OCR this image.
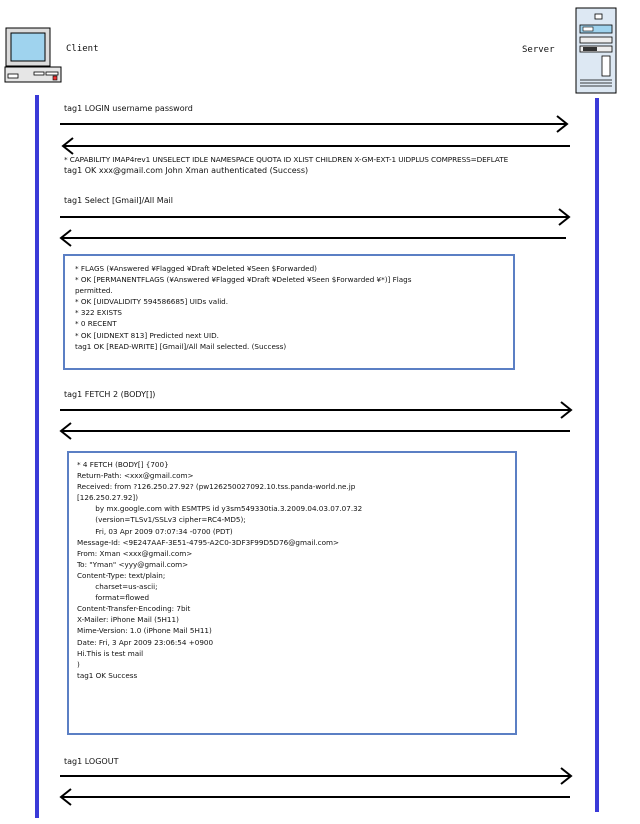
Client	Server
tag1 LOGIN username password
* CAPABILITY IMAP4rev1 UNSELECT IDLE NAMESPACE QUOTA ID XLIST CHILDREN X-GM-EXT-1 UIDPLUS COMPRESS=DEFLATE
tag1 OK xxx@gmail.com John Xman authenticated (Success)
tag1 Select [Gmail]/All Mail
tag1 FETCH 2 (BODY[])
tag1 LOGOUT
* FLAGS (¥Answered ¥Flagged ¥Draft ¥Deleted ¥Seen $Forwarded)
* OK [PERMANENTFLAGS (¥Answered ¥Flagged ¥Draft ¥Deleted ¥Seen $Forwarded ¥*)] Flags
permitted.
* OK [UIDVALIDITY 594586685] UIDs valid.
* 322 EXISTS
* 0 RECENT
* OK [UIDNEXT 813] Predicted next UID.
tag1 OK [READ-WRITE] [Gmail]/All Mail selected. (Success)
* 4 FETCH (BODY[] {700}
Return-Path: <xxx@gmail.com>
Received: from ?126.250.27.92? (pw126250027092.10.tss.panda-world.ne.jp
[126.250.27.92])
by mx.google.com with ESMTPS id y3sm549330tia.3.2009.04.03.07.07.32
(version=TLSv1/SSLv3 cipher=RC4-MD5);
Fri, 03 Apr 2009 07:07:34 -0700 (PDT)
Message-Id: <9E247AAF-3E51-4795-A2C0-3DF3F99D5D76@gmail.com>
From: Xman <xxx@gmail.com>
To: "Yman" <yyy@gmail.com>
Content-Type: text/plain;
charset=us-ascii;
format=flowed
Content-Transfer-Encoding: 7bit
X-Mailer: iPhone Mail (5H11)
Mime-Version: 1.0 (iPhone Mail 5H11)
Date: Fri, 3 Apr 2009 23:06:54 +0900
Hi.This is test mail
)
tag1 OK Success
